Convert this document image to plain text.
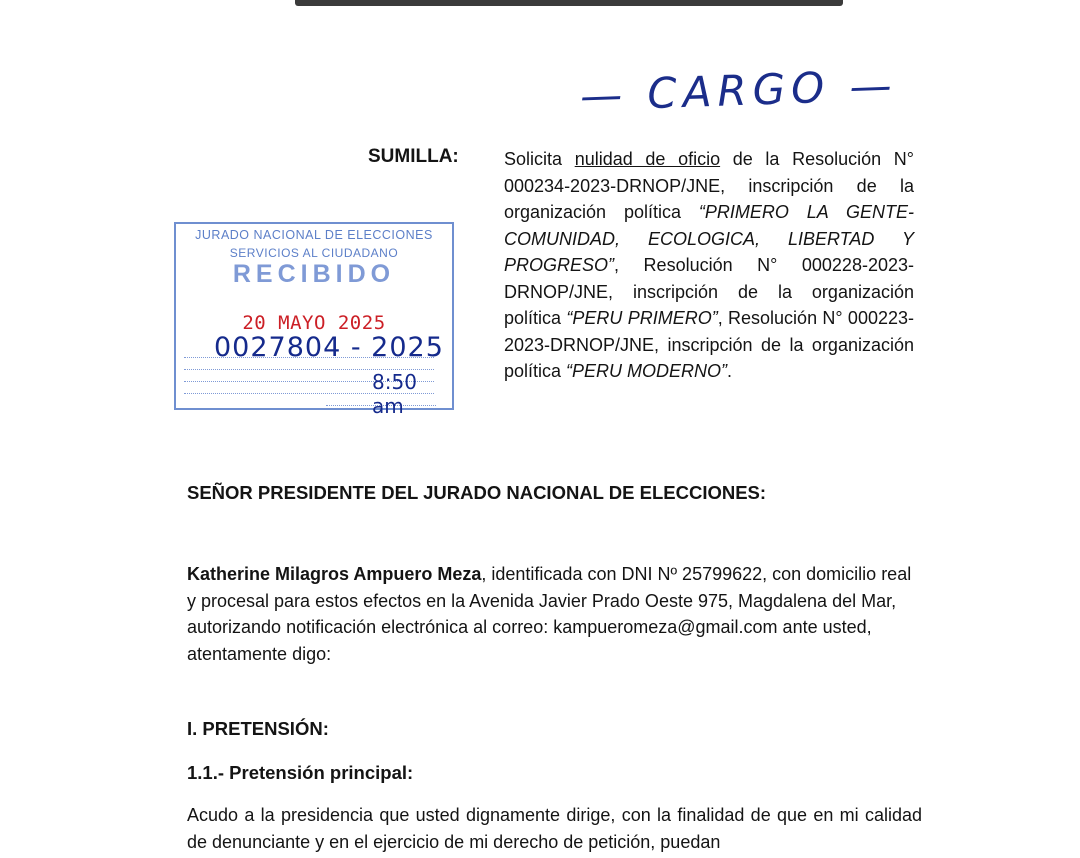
— CARGO —
SUMILLA:	Solicita nulidad de oficio de la Resolución N° 000234-2023-DRNOP/JNE, inscripción de la organización política “PRIMERO LA GENTE-COMUNIDAD, ECOLOGICA, LIBERTAD Y PROGRESO”, Resolución N° 000228-2023-DRNOP/JNE, inscripción de la organización política “PERU PRIMERO”, Resolución N° 000223-2023-DRNOP/JNE, inscripción de la organización política “PERU MODERNO”.
JURADO NACIONAL DE ELECCIONES
SERVICIOS AL CIUDADANO
RECIBIDO
20 MAYO 2025
0027804 - 2025
8:50 am
SEÑOR PRESIDENTE DEL JURADO NACIONAL DE ELECCIONES:
Katherine Milagros Ampuero Meza, identificada con DNI Nº 25799622, con domicilio real y procesal para estos efectos en la Avenida Javier Prado Oeste 975, Magdalena del Mar, autorizando notificación electrónica al correo: kampueromeza@gmail.com ante usted, atentamente digo:
I. PRETENSIÓN:
1.1.- Pretensión principal:
Acudo a la presidencia que usted dignamente dirige, con la finalidad de que en mi calidad de denunciante y en el ejercicio de mi derecho de petición, puedan
